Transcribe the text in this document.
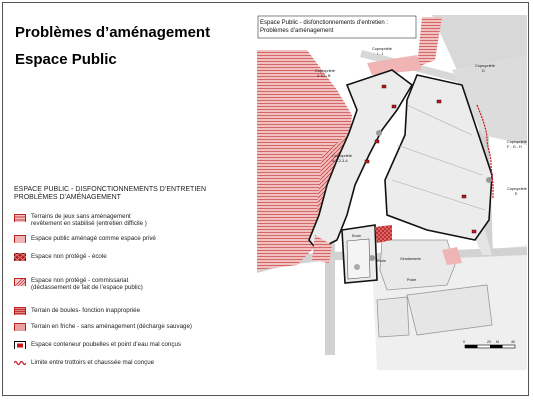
Problèmes d’aménagement
Espace Public
ESPACE PUBLIC - DISFONCTIONNEMENTS D’ENTRETIEN
PROBLÈMES D’AMÉNAGEMENT
Terrains de jeux sans aménagement
revêtement en stabilisé (entretien difficile )
Espace public aménagé comme espace privé
Espace non protégé - école
Espace non protégé - commissariat
(déclassement de fait de l’espace public)
Terrain de boules- fonction inappropriée
Terrain en friche - sans aménagement (décharge sauvage)
Espace conteneur poubelles et point d’eau mal conçus
Limite entre trottoirs et chaussée mal conçue
Espace Public - disfonctionnements d’entretien :
Problèmes d’aménagement
Copropriété
I - J
Copropriété
A 10 - B
Copropriété
D
Copropriété
A 1-2-3-4
Copropriété
F - G - H
Copropriété
E
Ecole
Ecole	Gendarmerie
Poste
0	20 M	40
